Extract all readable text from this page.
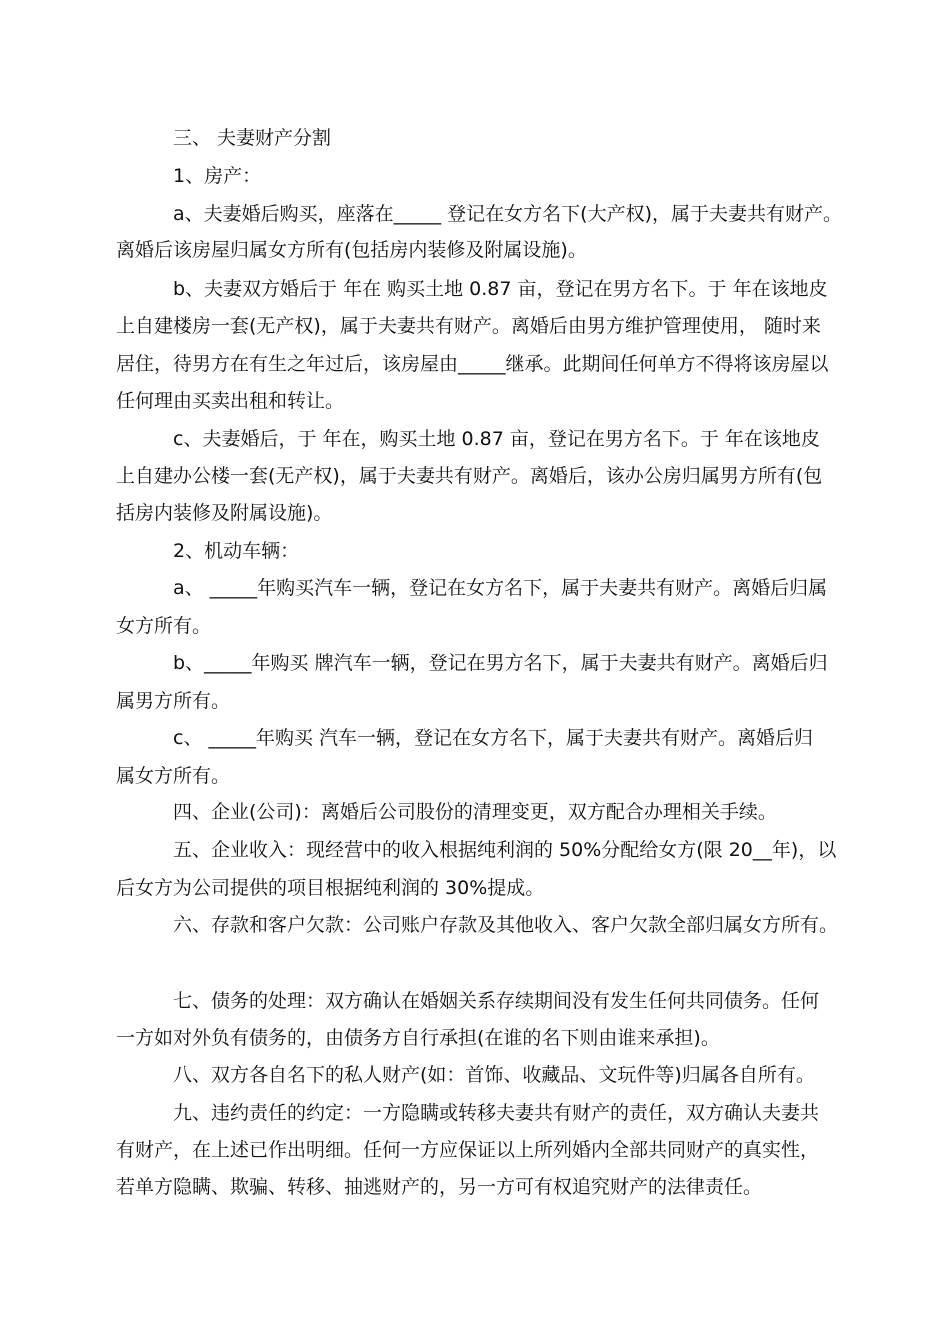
三、 夫妻财产分割

1、房产：

a、夫妻婚后购买，座落在_____ 登记在女方名下(大产权)，属于夫妻共有财产。

离婚后该房屋归属女方所有(包括房内装修及附属设施)。

b、夫妻双方婚后于 年在 购买土地 0.87 亩，登记在男方名下。于 年在该地皮

上自建楼房一套(无产权)，属于夫妻共有财产。离婚后由男方维护管理使用， 随时来

居住，待男方在有生之年过后，该房屋由_____继承。此期间任何单方不得将该房屋以

任何理由买卖出租和转让。

c、夫妻婚后，于 年在，购买土地 0.87 亩，登记在男方名下。于 年在该地皮

上自建办公楼一套(无产权)，属于夫妻共有财产。离婚后，该办公房归属男方所有(包

括房内装修及附属设施)。

2、机动车辆：

a、 _____年购买汽车一辆，登记在女方名下，属于夫妻共有财产。离婚后归属

女方所有。

b、_____年购买 牌汽车一辆，登记在男方名下，属于夫妻共有财产。离婚后归

属男方所有。

c、 _____年购买 汽车一辆，登记在女方名下，属于夫妻共有财产。离婚后归

属女方所有。

四、企业(公司)：离婚后公司股份的清理变更，双方配合办理相关手续。

五、企业收入：现经营中的收入根据纯利润的 50%分配给女方(限 20__年)，以

后女方为公司提供的项目根据纯利润的 30%提成。

六、存款和客户欠款：公司账户存款及其他收入、客户欠款全部归属女方所有。

七、债务的处理：双方确认在婚姻关系存续期间没有发生任何共同债务。任何

一方如对外负有债务的，由债务方自行承担(在谁的名下则由谁来承担)。

八、双方各自名下的私人财产(如：首饰、收藏品、文玩件等)归属各自所有。

九、违约责任的约定：一方隐瞒或转移夫妻共有财产的责任，双方确认夫妻共

有财产，在上述已作出明细。任何一方应保证以上所列婚内全部共同财产的真实性，

若单方隐瞒、欺骗、转移、抽逃财产的，另一方可有权追究财产的法律责任。
